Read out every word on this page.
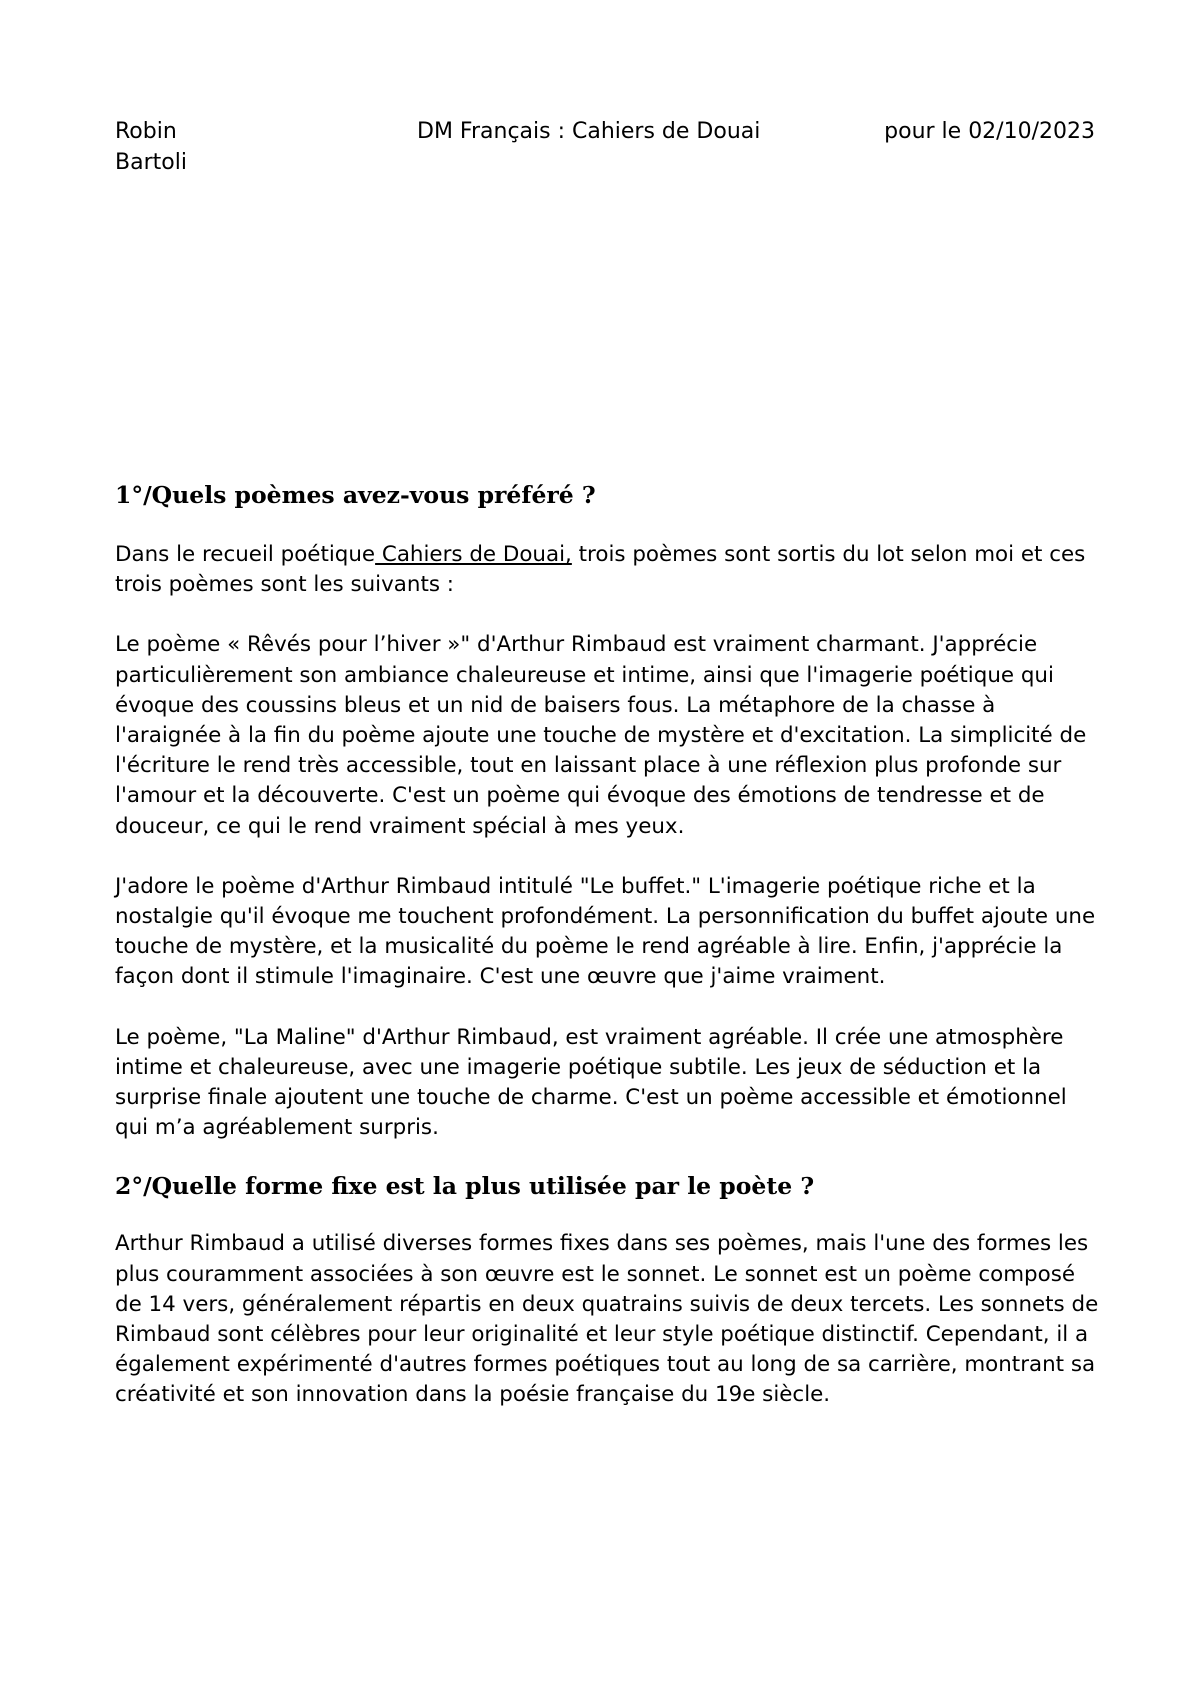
Robin Bartoli
DM Français : Cahiers de Douai	pour le 02/10/2023
1°/Quels poèmes avez-vous préféré ?

Dans le recueil poétique Cahiers de Douai, trois poèmes sont sortis du lot selon moi et ces trois poèmes sont les suivants :

Le poème « Rêvés pour l’hiver »" d'Arthur Rimbaud est vraiment charmant. J'apprécie particulièrement son ambiance chaleureuse et intime, ainsi que l'imagerie poétique qui évoque des coussins bleus et un nid de baisers fous. La métaphore de la chasse à l'araignée à la fin du poème ajoute une touche de mystère et d'excitation. La simplicité de l'écriture le rend très accessible, tout en laissant place à une réflexion plus profonde sur l'amour et la découverte. C'est un poème qui évoque des émotions de tendresse et de douceur, ce qui le rend vraiment spécial à mes yeux.

J'adore le poème d'Arthur Rimbaud intitulé "Le buffet." L'imagerie poétique riche et la nostalgie qu'il évoque me touchent profondément. La personnification du buffet ajoute une touche de mystère, et la musicalité du poème le rend agréable à lire. Enfin, j'apprécie la façon dont il stimule l'imaginaire. C'est une œuvre que j'aime vraiment.

Le poème, "La Maline" d'Arthur Rimbaud, est vraiment agréable. Il crée une atmosphère intime et chaleureuse, avec une imagerie poétique subtile. Les jeux de séduction et la surprise finale ajoutent une touche de charme. C'est un poème accessible et émotionnel qui m’a agréablement surpris.

2°/Quelle forme fixe est la plus utilisée par le poète ?

Arthur Rimbaud a utilisé diverses formes fixes dans ses poèmes, mais l'une des formes les plus couramment associées à son œuvre est le sonnet. Le sonnet est un poème composé de 14 vers, généralement répartis en deux quatrains suivis de deux tercets. Les sonnets de Rimbaud sont célèbres pour leur originalité et leur style poétique distinctif. Cependant, il a également expérimenté d'autres formes poétiques tout au long de sa carrière, montrant sa créativité et son innovation dans la poésie française du 19e siècle.
